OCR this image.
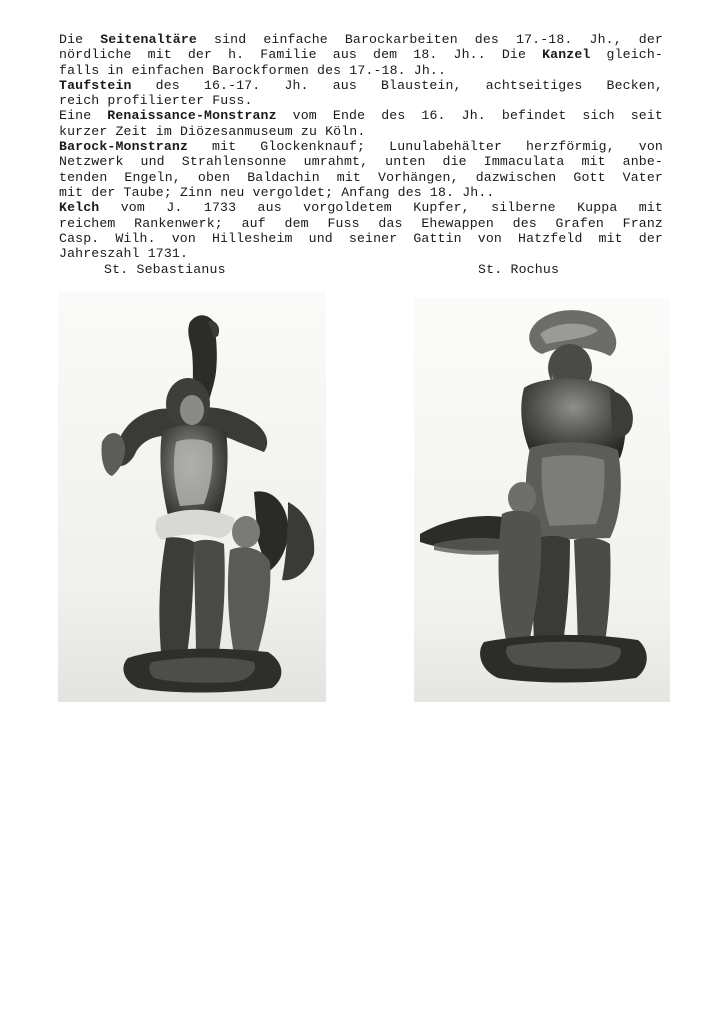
Die Seitenaltäre sind einfache Barockarbeiten des 17.-18. Jh., der
nördliche mit der h. Familie aus dem 18. Jh.. Die Kanzel gleich-
falls in einfachen Barockformen des 17.-18. Jh..
Taufstein des 16.-17. Jh. aus Blaustein, achtseitiges Becken,
reich profilierter Fuss.
Eine Renaissance-Monstranz vom Ende des 16. Jh. befindet sich seit
kurzer Zeit im Diözesanmuseum zu Köln.
Barock-Monstranz mit Glockenknauf; Lunulabehälter herzförmig, von
Netzwerk und Strahlensonne umrahmt, unten die Immaculata mit anbe-
tenden Engeln, oben Baldachin mit Vorhängen, dazwischen Gott Vater
mit der Taube; Zinn neu vergoldet; Anfang des 18. Jh..
Kelch vom J. 1733 aus vorgoldetem Kupfer, silberne Kuppa mit
reichem Rankenwerk; auf dem Fuss das Ehewappen des Grafen Franz
Casp. Wilh. von Hillesheim und seiner Gattin von Hatzfeld mit der
Jahreszahl 1731.
St. Sebastianus	St. Rochus
